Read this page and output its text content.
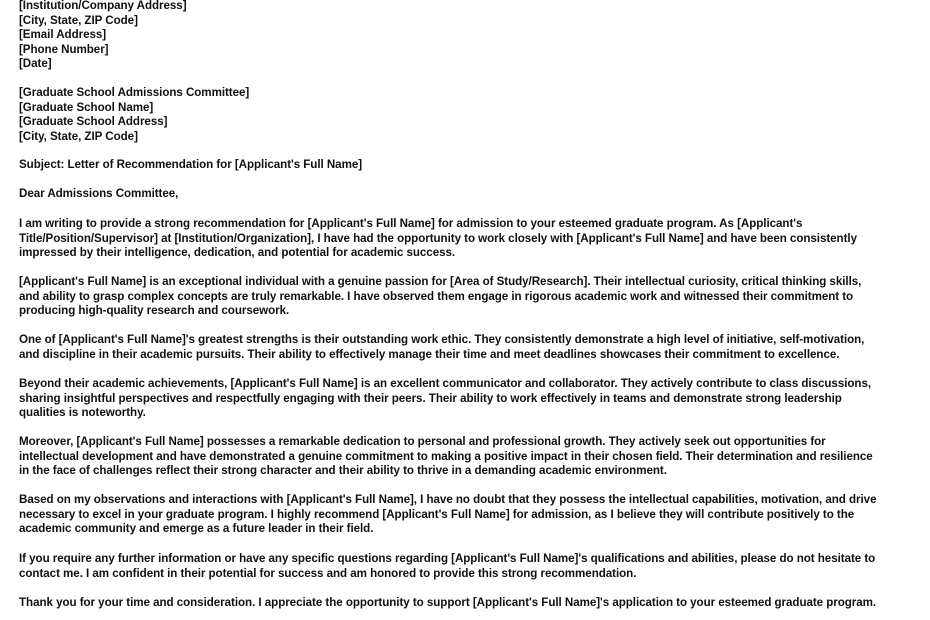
[Institution/Company Address]
[City, State, ZIP Code]
[Email Address]
[Phone Number]
[Date]
[Graduate School Admissions Committee]
[Graduate School Name]
[Graduate School Address]
[City, State, ZIP Code]
Subject: Letter of Recommendation for [Applicant's Full Name]
Dear Admissions Committee,
I am writing to provide a strong recommendation for [Applicant's Full Name] for admission to your esteemed graduate program. As [Applicant's
Title/Position/Supervisor] at [Institution/Organization], I have had the opportunity to work closely with [Applicant's Full Name] and have been consistently
impressed by their intelligence, dedication, and potential for academic success.
[Applicant's Full Name] is an exceptional individual with a genuine passion for [Area of Study/Research]. Their intellectual curiosity, critical thinking skills,
and ability to grasp complex concepts are truly remarkable. I have observed them engage in rigorous academic work and witnessed their commitment to
producing high-quality research and coursework.
One of [Applicant's Full Name]'s greatest strengths is their outstanding work ethic. They consistently demonstrate a high level of initiative, self-motivation,
and discipline in their academic pursuits. Their ability to effectively manage their time and meet deadlines showcases their commitment to excellence.
Beyond their academic achievements, [Applicant's Full Name] is an excellent communicator and collaborator. They actively contribute to class discussions,
sharing insightful perspectives and respectfully engaging with their peers. Their ability to work effectively in teams and demonstrate strong leadership
qualities is noteworthy.
Moreover, [Applicant's Full Name] possesses a remarkable dedication to personal and professional growth. They actively seek out opportunities for
intellectual development and have demonstrated a genuine commitment to making a positive impact in their chosen field. Their determination and resilience
in the face of challenges reflect their strong character and their ability to thrive in a demanding academic environment.
Based on my observations and interactions with [Applicant's Full Name], I have no doubt that they possess the intellectual capabilities, motivation, and drive
necessary to excel in your graduate program. I highly recommend [Applicant's Full Name] for admission, as I believe they will contribute positively to the
academic community and emerge as a future leader in their field.
If you require any further information or have any specific questions regarding [Applicant's Full Name]'s qualifications and abilities, please do not hesitate to
contact me. I am confident in their potential for success and am honored to provide this strong recommendation.
Thank you for your time and consideration. I appreciate the opportunity to support [Applicant's Full Name]'s application to your esteemed graduate program.
